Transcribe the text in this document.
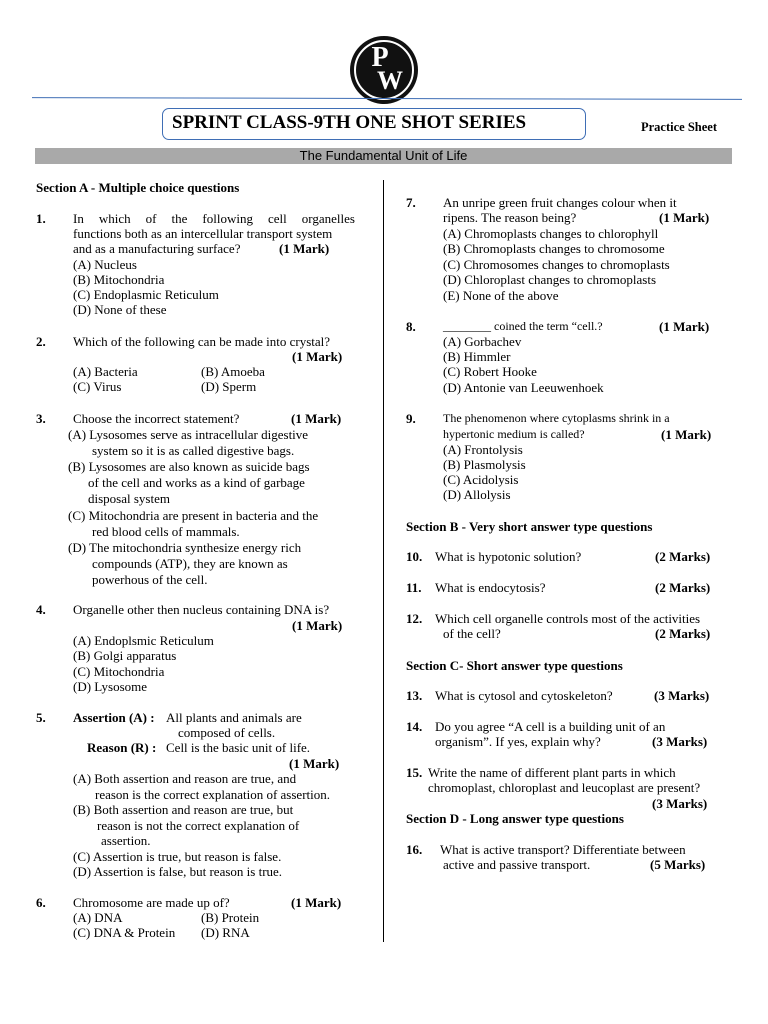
P
W
SPRINT CLASS-9TH ONE SHOT SERIES	Practice Sheet
The Fundamental Unit of Life
Section A - Multiple choice questions
1. In which of the following cell organelles
functions both as an intercellular transport system
and as a manufacturing surface?	(1 Mark)
(A) Nucleus
(B) Mitochondria
(C) Endoplasmic Reticulum
(D) None of these
2. Which of the following can be made into crystal?
(1 Mark)
(A) Bacteria	(B) Amoeba
(C) Virus	(D) Sperm
3. Choose the incorrect statement?	(1 Mark)
(A) Lysosomes serve as intracellular digestive
system so it is as called digestive bags.
(B) Lysosomes are also known as suicide bags
of the cell and works as a kind of garbage
disposal system
(C) Mitochondria are present in bacteria and the
red blood cells of mammals.
(D) The mitochondria synthesize energy rich
compounds (ATP), they are known as
powerhous of the cell.
4. Organelle other then nucleus containing DNA is?
(1 Mark)
(A) Endoplsmic Reticulum
(B) Golgi apparatus
(C) Mitochondria
(D) Lysosome
5. Assertion (A) : All plants and animals are
composed of cells.
Reason (R) : Cell is the basic unit of life.
(1 Mark)
(A) Both assertion and reason are true, and
reason is the correct explanation of assertion.
(B) Both assertion and reason are true, but
reason is not the correct explanation of
assertion.
(C) Assertion is true, but reason is false.
(D) Assertion is false, but reason is true.
6. Chromosome are made up of?	(1 Mark)
(A) DNA	(B) Protein
(C) DNA & Protein (D) RNA
7. An unripe green fruit changes colour when it
ripens. The reason being?	(1 Mark)
(A) Chromoplasts changes to chlorophyll
(B) Chromoplasts changes to chromosome
(C) Chromosomes changes to chromoplasts
(D) Chloroplast changes to chromoplasts
(E) None of the above
8. ________ coined the term “cell.?	(1 Mark)
(A) Gorbachev
(B) Himmler
(C) Robert Hooke
(D) Antonie van Leeuwenhoek
9. The phenomenon where cytoplasms shrink in a
hypertonic medium is called?	(1 Mark)
(A) Frontolysis
(B) Plasmolysis
(C) Acidolysis
(D) Allolysis
Section B - Very short answer type questions
10. What is hypotonic solution?	(2 Marks)
11. What is endocytosis?	(2 Marks)
12. Which cell organelle controls most of the activities
of the cell?	(2 Marks)
Section C- Short answer type questions
13. What is cytosol and cytoskeleton?	(3 Marks)
14. Do you agree “A cell is a building unit of an
organism”. If yes, explain why?	(3 Marks)
15. Write the name of different plant parts in which
chromoplast, chloroplast and leucoplast are present?
(3 Marks)
Section D - Long answer type questions
16. What is active transport? Differentiate between
active and passive transport.	(5 Marks)
